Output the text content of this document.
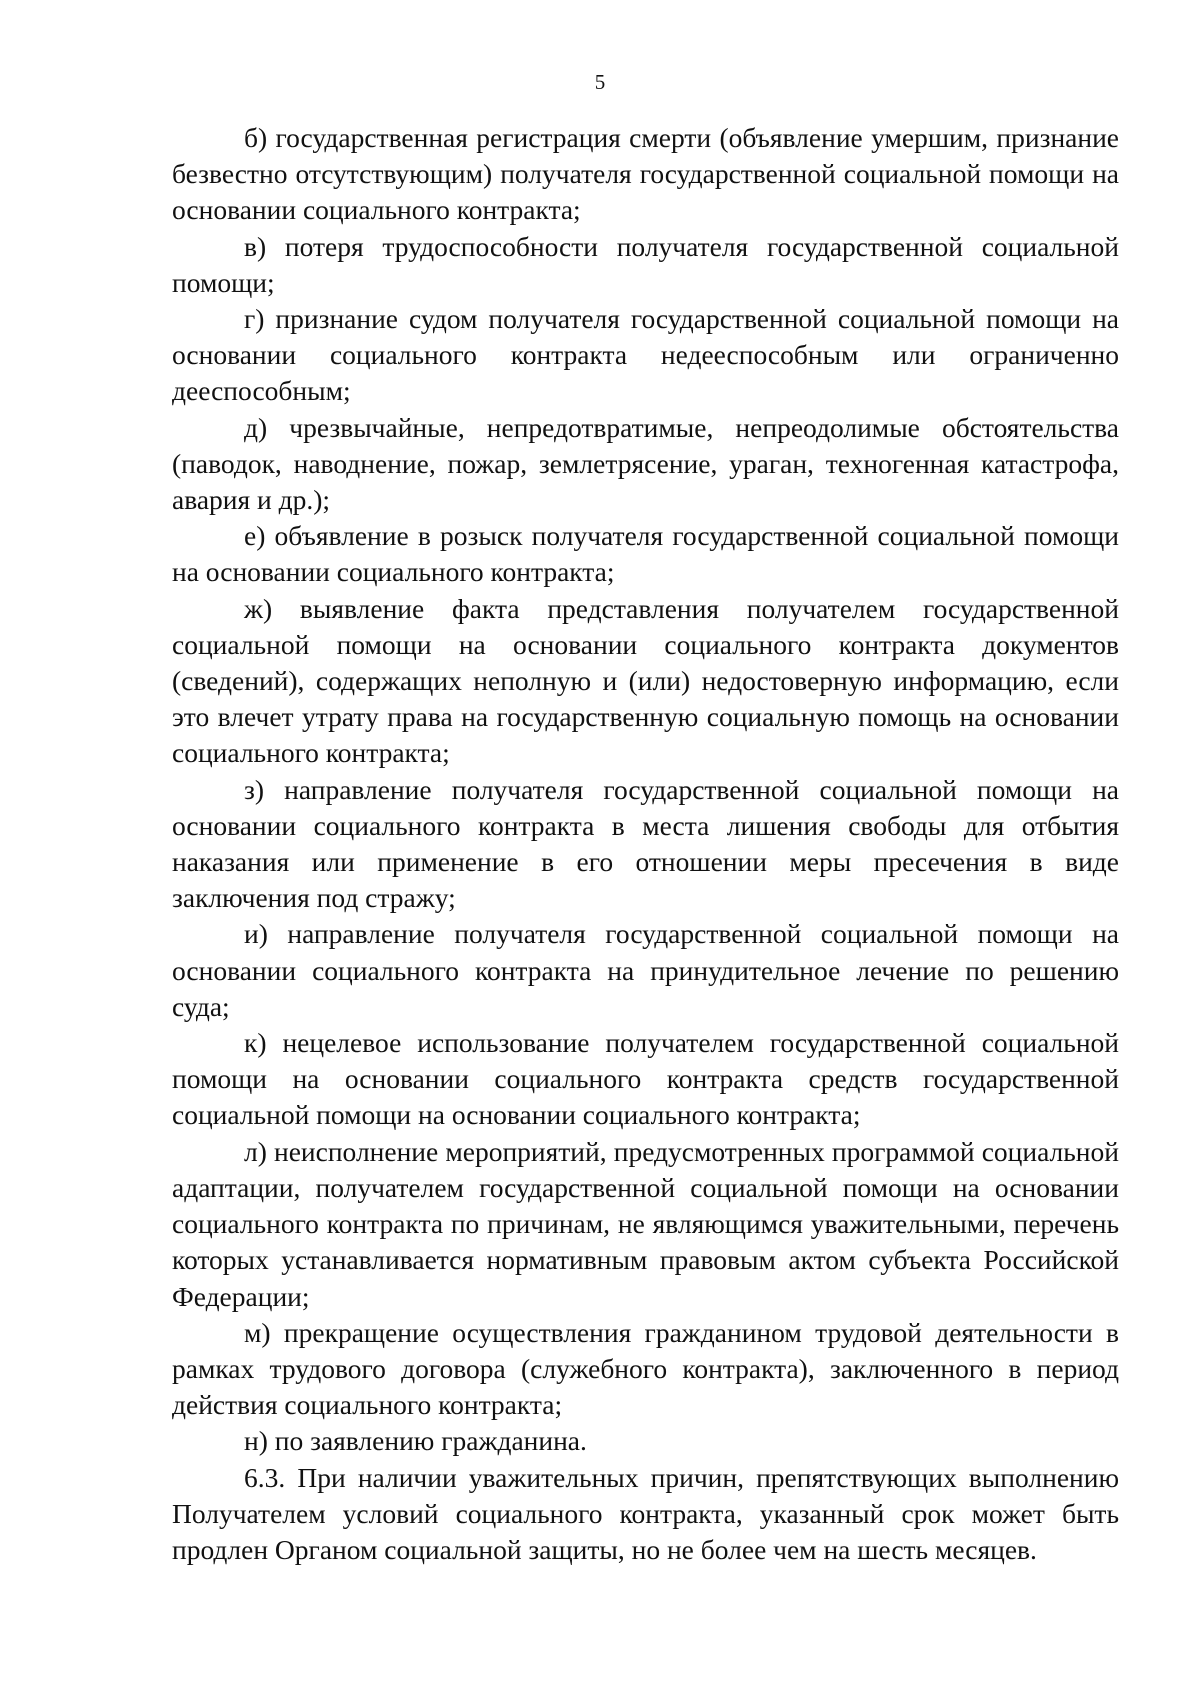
5

б) государственная регистрация смерти (объявление умершим, признание безвестно отсутствующим) получателя государственной социальной помощи на основании социального контракта;

в) потеря трудоспособности получателя государственной социальной помощи;

г) признание судом получателя государственной социальной помощи на основании социального контракта недееспособным или ограниченно дееспособным;

д) чрезвычайные, непредотвратимые, непреодолимые обстоятельства (паводок, наводнение, пожар, землетрясение, ураган, техногенная катастрофа, авария и др.);

е) объявление в розыск получателя государственной социальной помощи на основании социального контракта;

ж) выявление факта представления получателем государственной социальной помощи на основании социального контракта документов (сведений), содержащих неполную и (или) недостоверную информацию, если это влечет утрату права на государственную социальную помощь на основании социального контракта;

з) направление получателя государственной социальной помощи на основании социального контракта в места лишения свободы для отбытия наказания или применение в его отношении меры пресечения в виде заключения под стражу;

и) направление получателя государственной социальной помощи на основании социального контракта на принудительное лечение по решению суда;

к) нецелевое использование получателем государственной социальной помощи на основании социального контракта средств государственной социальной помощи на основании социального контракта;

л) неисполнение мероприятий, предусмотренных программой социальной адаптации, получателем государственной социальной помощи на основании социального контракта по причинам, не являющимся уважительными, перечень которых устанавливается нормативным правовым актом субъекта Российской Федерации;

м) прекращение осуществления гражданином трудовой деятельности в рамках трудового договора (служебного контракта), заключенного в период действия социального контракта;

н) по заявлению гражданина.

6.3. При наличии уважительных причин, препятствующих выполнению Получателем условий социального контракта, указанный срок может быть продлен Органом социальной защиты, но не более чем на шесть месяцев.
